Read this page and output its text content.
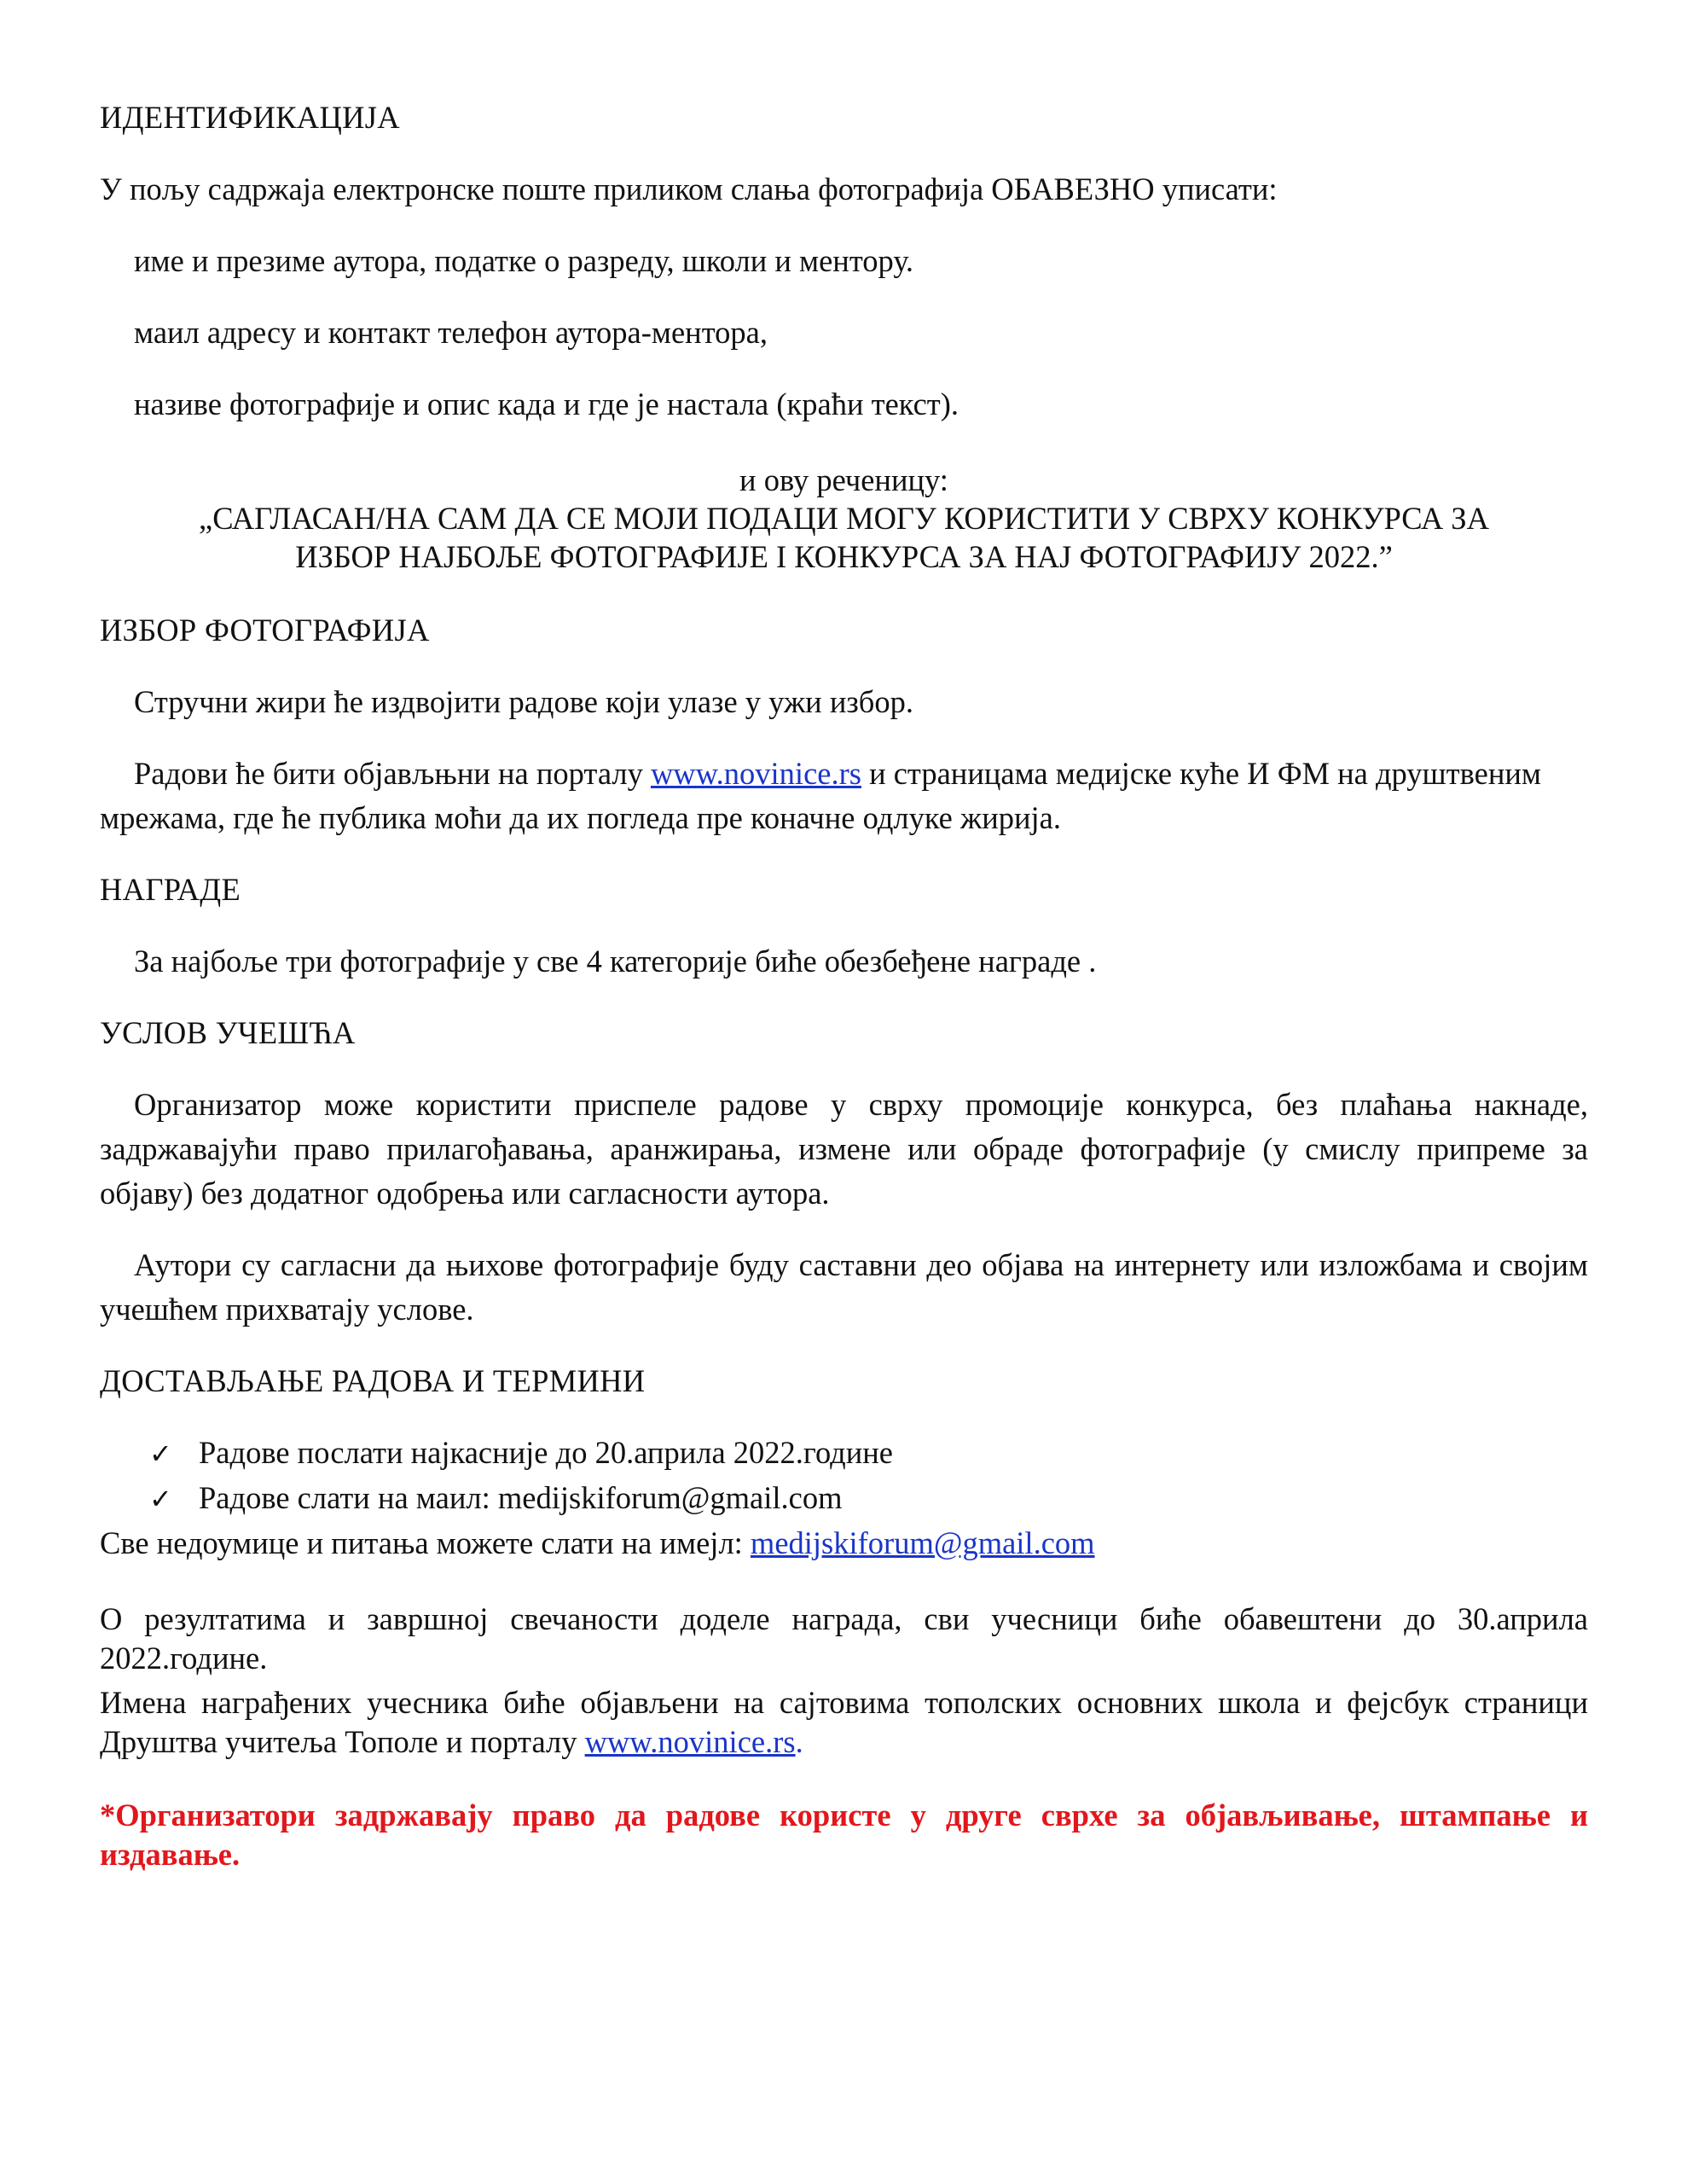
ИДЕНТИФИКАЦИЈА
У пољу садржаја електронске поште приликом слања фотографија ОБАВЕЗНО уписати:
име и презиме аутора, податке о разреду, школи и ментору.
маил адресу и контакт телефон аутора-ментора,
називе фотографије и опис када и где је настала (краћи текст).
и ову реченицу:
„САГЛАСАН/НА САМ ДА СЕ МОЈИ ПОДАЦИ МОГУ КОРИСТИТИ У СВРХУ КОНКУРСА ЗА
ИЗБОР НАЈБОЉЕ ФОТОГРАФИЈЕ I КОНКУРСА ЗА НАЈ ФОТОГРАФИЈУ 2022.”
ИЗБОР ФОТОГРАФИЈА
Стручни жири ће издвојити радове који улазе у ужи избор.
Радови ће бити објављњни на порталу www.novinice.rs и страницама медијске куће И ФМ на друштвеним мрежама, где ће публика моћи да их погледа пре коначне одлуке жирија.
НАГРАДЕ
За најбоље три фотографије у све 4 категорије биће обезбеђене награде .
УСЛОВ УЧЕШЋА
Организатор може користити приспеле радове у сврху промоције конкурса, без плаћања накнаде, задржавајући право прилагођавања, аранжирања, измене или обраде фотографије (у смислу припреме за објаву) без додатног одобрења или сагласности аутора.
Аутори су сагласни да њихове фотографије буду саставни део објава на интернету или изложбама и својим учешћем прихватају услове.
ДОСТАВЉАЊЕ РАДОВА И ТЕРМИНИ
✓ Радове послати најкасније до 20.априла 2022.године
✓ Радове слати на маил: medijskiforum@gmail.com
Све недоумице и питања можете слати на имејл: medijskiforum@gmail.com
О резултатима и завршној свечаности доделе награда, сви учесници биће обавештени до 30.априла 2022.године.
Имена награђених учесника биће објављени на сајтовима тополских основних школа и фејсбук страници Друштва учитеља Тополе и порталу www.novinice.rs.
*Организатори задржавају право да радове користе у друге сврхе за објављивање, штампање и издавање.
